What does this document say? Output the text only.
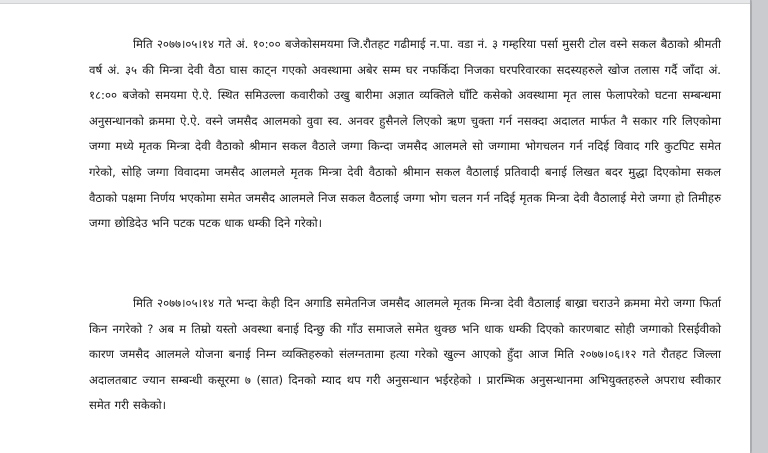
मिति २०७७।०५।१४ गते अं. १०:०० बजेकोसमयमा जि.रौतहट गढीमाई न.पा. वडा नं. ३ गम्हरिया पर्सा मुसरी टोल वस्ने सकल बैठाको श्रीमती वर्ष अं. ३५ की मिन्त्रा देवी वैठा घास काट्न गएको अवस्थामा अबेर सम्म घर नफर्किदा निजका घरपरिवारका सदस्यहरुले खोज तलास गर्दै जाँदा अं. १८:०० बजेको समयमा ऐ.ऐ. स्थित समिउल्ला कवारीको उखु बारीमा अज्ञात व्यक्तिले घाँटि कसेको अवस्थामा मृत लास फेलापरेको घटना सम्बन्धमा अनुसन्धानको क्रममा ऐ.ऐ. वस्ने जमसैद आलमको वुवा स्व. अनवर हुसैनले लिएको ऋण चुक्ता गर्न नसक्दा अदालत मार्फत नै सकार गरि लिएकोमा जग्गा मध्ये मृतक मिन्त्रा देवी वैठाको श्रीमान सकल वैठाले जग्गा किन्दा जमसैद आलमले सो जग्गामा भोगचलन गर्न नदिई विवाद गरि कुटपिट समेत गरेको, सोहि जग्गा विवादमा जमसैद आलमले मृतक मिन्त्रा देवी वैठाको श्रीमान सकल वैठालाई प्रतिवादी बनाई लिखत बदर मुद्धा दिएकोमा सकल वैठाको पक्षमा निर्णय भएकोमा समेत जमसैद आलमले निज सकल वैठलाई जग्गा भोग चलन गर्न नदिई मृतक मिन्त्रा देवी वैठालाई मेरो जग्गा हो तिमीहरु जग्गा छोडिदेउ भनि पटक पटक धाक धम्की दिने गरेको।

मिति २०७७।०५।१४ गते भन्दा केही दिन अगाडि समेतनिज जमसैद आलमले मृतक मिन्त्रा देवी वैठालाई बाख्रा चराउने क्रममा मेरो जग्गा फिर्ता किन नगरेको ? अब म तिम्रो यस्तो अवस्था बनाई दिन्छु की गाँउ समाजले समेत थुक्छ भनि धाक धम्की दिएको कारणबाट सोही जग्गाको रिसईवीको कारण जमसैद आलमले योजना बनाई निम्न व्यक्तिहरुको संलग्नतामा हत्या गरेको खुल्न आएको हुँदा आज मिति २०७७।०६।१२ गते रौतहट जिल्ला अदालतबाट ज्यान सम्बन्धी कसूरमा ७ (सात) दिनको म्याद थप गरी अनुसन्धान भईरहेको । प्रारम्भिक अनुसन्धानमा अभियुक्तहरुले अपराध स्वीकार समेत गरी सकेको।
